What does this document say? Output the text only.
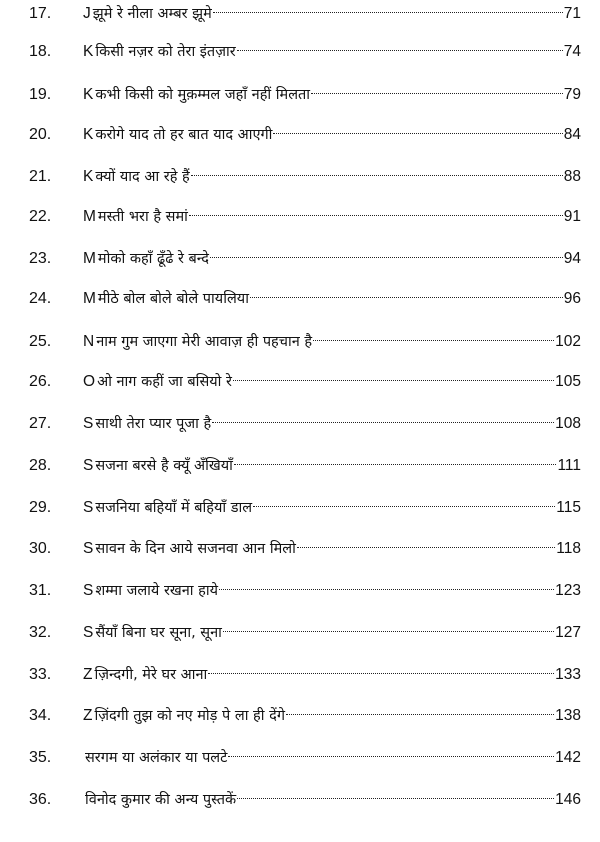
17.	J झूमे रे नीला अम्बर झूमे	71
18.	K किसी नज़र को तेरा इंतज़ार	74
19.	K कभी किसी को मुक़म्मल जहाँ नहीं मिलता	79
20.	K करोगे याद तो हर बात याद आएगी	84
21.	K क्यों याद आ रहे हैं	88
22.	M मस्ती भरा है समां	91
23.	M मोको कहाँ ढूँढे रे बन्दे	94
24.	M मीठे बोल बोले बोले पायलिया	96
25.	N नाम गुम जाएगा मेरी आवाज़ ही पहचान है	102
26.	O ओ नाग कहीं जा बसियो रे	105
27.	S साथी तेरा प्यार पूजा है	108
28.	S सजना बरसे है क्यूँ अँखियाँ	111
29.	S सजनिया बहियाँ में बहियाँ डाल	115
30.	S सावन के दिन आये सजनवा आन मिलो	118
31.	S शम्मा जलाये रखना हाये	123
32.	S सैंयाँ बिना घर सूना, सूना	127
33.	Z ज़िन्दगी, मेरे घर आना	133
34.	Z ज़िंदगी तुझ को नए मोड़ पे ला ही देंगे	138
35.	सरगम या अलंकार या पलटे	142
36.	विनोद कुमार की अन्य पुस्तकें	146
